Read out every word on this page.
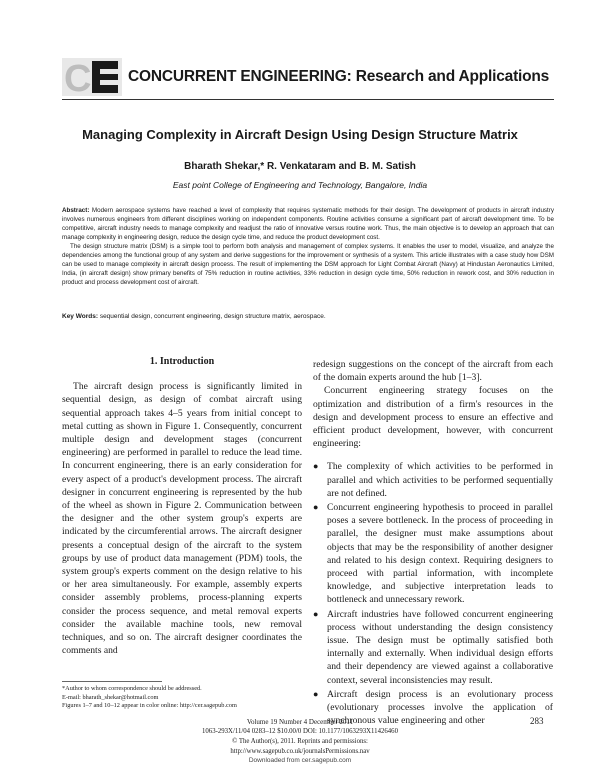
C CONCURRENT ENGINEERING: Research and Applications
Managing Complexity in Aircraft Design Using Design Structure Matrix
Bharath Shekar,* R. Venkataram and B. M. Satish
East point College of Engineering and Technology, Bangalore, India

Abstract: Modern aerospace systems have reached a level of complexity that requires systematic methods for their design. The development of products in aircraft industry involves numerous engineers from different disciplines working on independent components. Routine activities consume a significant part of aircraft development time. To be competitive, aircraft industry needs to manage complexity and readjust the ratio of innovative versus routine work. Thus, the main objective is to develop an approach that can manage complexity in engineering design, reduce the design cycle time, and reduce the product development cost.

The design structure matrix (DSM) is a simple tool to perform both analysis and management of complex systems. It enables the user to model, visualize, and analyze the dependencies among the functional group of any system and derive suggestions for the improvement or synthesis of a system. This article illustrates with a case study how DSM can be used to manage complexity in aircraft design process. The result of implementing the DSM approach for Light Combat Aircraft (Navy) at Hindustan Aeronautics Limited, India, (in aircraft design) show primary benefits of 75% reduction in routine activities, 33% reduction in design cycle time, 50% reduction in rework cost, and 30% reduction in product and process development cost of aircraft.

Key Words: sequential design, concurrent engineering, design structure matrix, aerospace.

1. Introduction

The aircraft design process is significantly limited in sequential design, as design of combat aircraft using sequential approach takes 4–5 years from initial concept to metal cutting as shown in Figure 1. Consequently, concurrent multiple design and development stages (concurrent engineering) are performed in parallel to reduce the lead time. In concurrent engineering, there is an early consideration for every aspect of a product's development process. The aircraft designer in concurrent engineering is represented by the hub of the wheel as shown in Figure 2. Communication between the designer and the other system group's experts are indicated by the circumferential arrows. The aircraft designer presents a conceptual design of the aircraft to the system groups by use of product data management (PDM) tools, the system group's experts comment on the design relative to his or her area simultaneously. For example, assembly experts consider assembly problems, process-planning experts consider the process sequence, and metal removal experts consider the available machine tools, new removal techniques, and so on. The aircraft designer coordinates the comments and

redesign suggestions on the concept of the aircraft from each of the domain experts around the hub [1–3].

Concurrent engineering strategy focuses on the optimization and distribution of a firm's resources in the design and development process to ensure an effective and efficient product development, however, with concurrent engineering:

● The complexity of which activities to be performed in parallel and which activities to be performed sequentially are not defined.
● Concurrent engineering hypothesis to proceed in parallel poses a severe bottleneck. In the process of proceeding in parallel, the designer must make assumptions about objects that may be the responsibility of another designer and related to his design context. Requiring designers to proceed with partial information, with incomplete knowledge, and subjective interpretation leads to bottleneck and unnecessary rework.
● Aircraft industries have followed concurrent engineering process without understanding the design consistency issue. The design must be optimally satisfied both internally and externally. When individual design efforts and their dependency are viewed against a collaborative context, several inconsistencies may result.
● Aircraft design process is an evolutionary process (evolutionary processes involve the application of synchronous value engineering and other

*Author to whom correspondence should be addressed.

E-mail: bharath_shekar@hotmail.com

Figures 1–7 and 10–12 appear in color online: http://cer.sagepub.com

Volume 19 Number 4 December 2011	283
1063-293X/11/04 0283–12 $10.00/0 DOI: 10.1177/1063293X11426460
© The Author(s), 2011. Reprints and permissions:
http://www.sagepub.co.uk/journalsPermissions.nav
Downloaded from cer.sagepub.com
